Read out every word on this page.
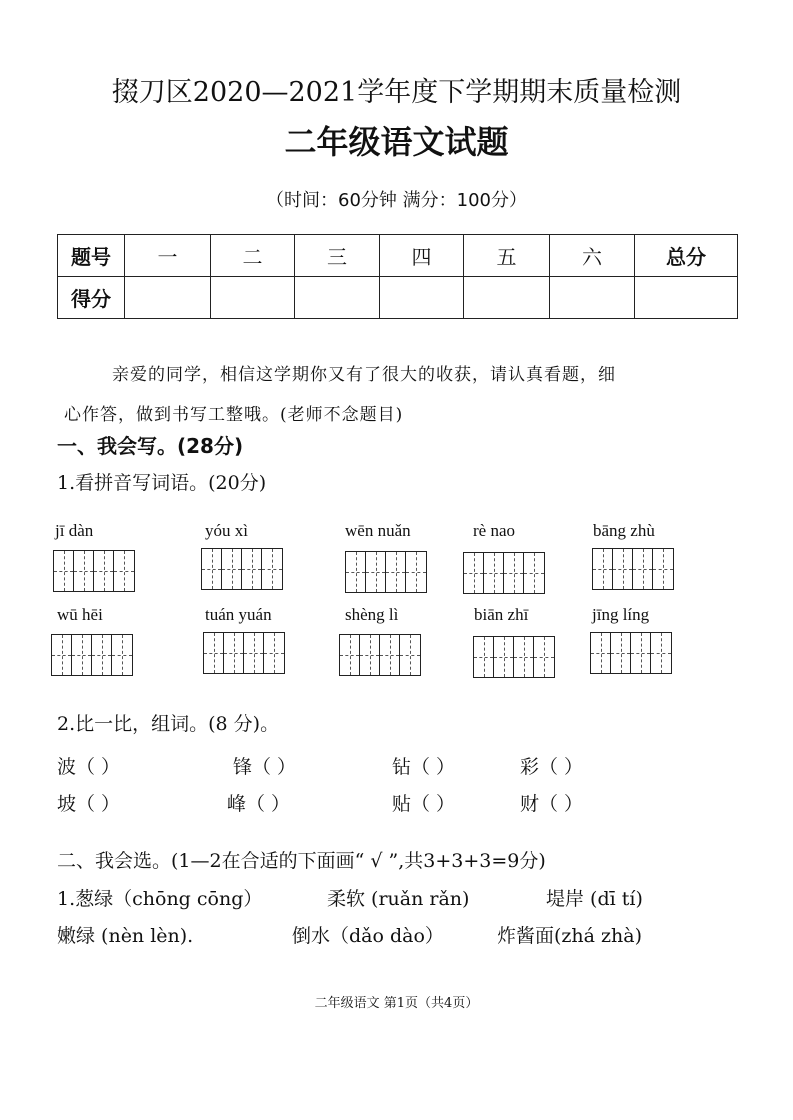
掇刀区2020—2021学年度下学期期末质量检测
二年级语文试题
（时间：60分钟 满分：100分）
题号	一	二	三	四	五	六	总分
得分							
亲爱的同学，相信这学期你又有了很大的收获，请认真看题，细
心作答，做到书写工整哦。(老师不念题目)
一、我会写。(28分)
1.看拼音写词语。(20分)
jī dàn	yóu xì	wēn nuǎn	rè nao	bāng zhù
wū hēi	tuán yuán	shèng lì	biān zhī	jīng líng
2.比一比，组词。(8 分)。
波（ ）	锋（ ）	钻（ ）	彩（ ）
坡（ ）	峰（ ）	贴（ ）	财（ ）
二、我会选。(1—2在合适的下面画“ √ ”,共3+3+3=9分)
1.葱绿（chōng cōng）	柔软 (ruǎn rǎn)	堤岸 (dī tí)
嫩绿 (nèn lèn).	倒水（dǎo dào）	炸酱面(zhá zhà)
二年级语文 第1页（共4页）
